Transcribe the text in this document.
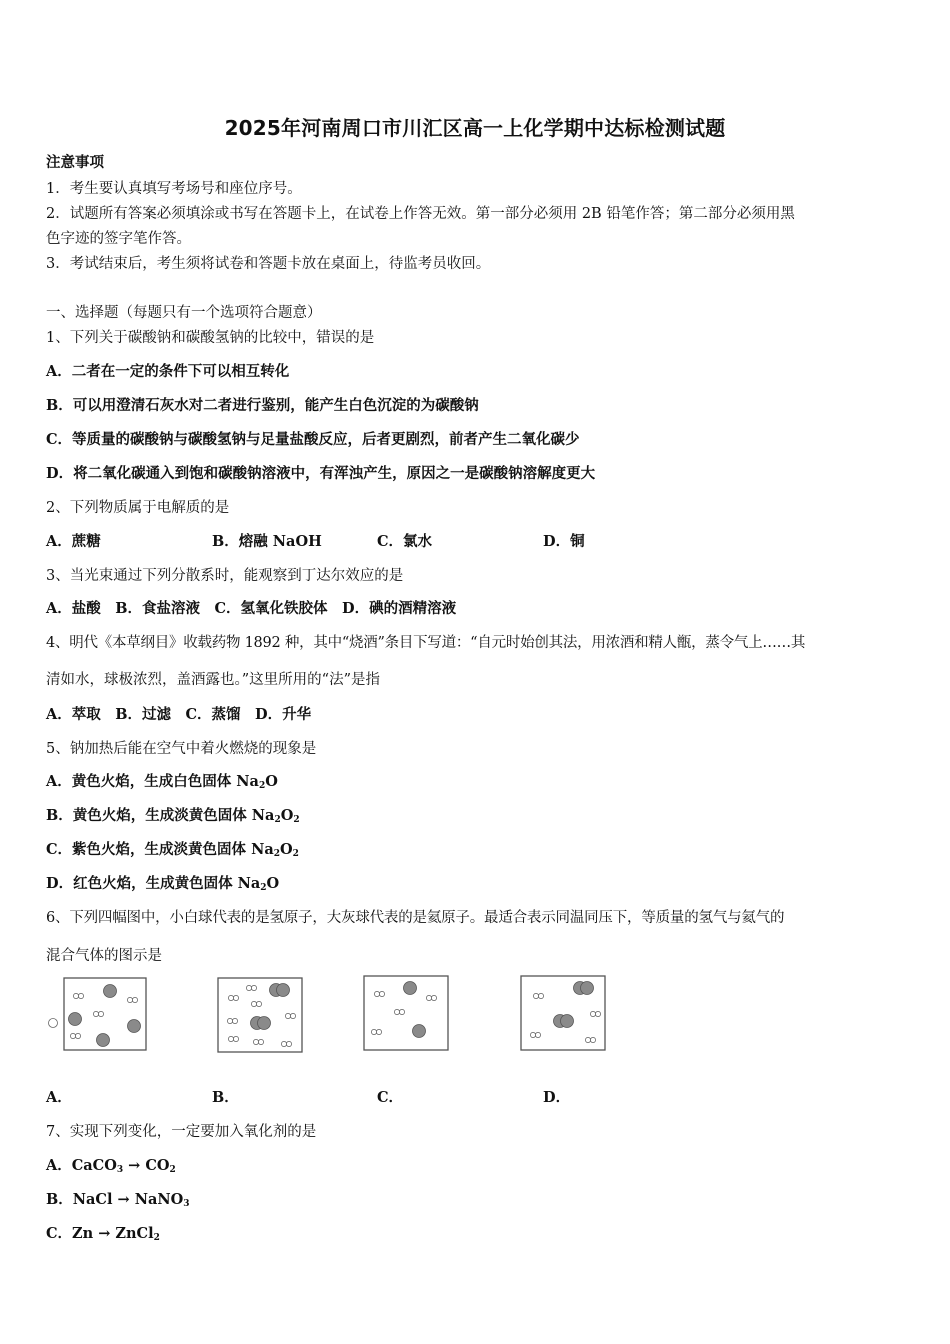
2025年河南周口市川汇区高一上化学期中达标检测试题
注意事项
1．考生要认真填写考场号和座位序号。
2．试题所有答案必须填涂或书写在答题卡上，在试卷上作答无效。第一部分必须用 2B 铅笔作答；第二部分必须用黑
色字迹的签字笔作答。
3．考试结束后，考生须将试卷和答题卡放在桌面上，待监考员收回。
一、选择题（每题只有一个选项符合题意）
1、下列关于碳酸钠和碳酸氢钠的比较中，错误的是
A．二者在一定的条件下可以相互转化
B．可以用澄清石灰水对二者进行鉴别，能产生白色沉淀的为碳酸钠
C．等质量的碳酸钠与碳酸氢钠与足量盐酸反应，后者更剧烈，前者产生二氧化碳少
D．将二氧化碳通入到饱和碳酸钠溶液中，有浑浊产生，原因之一是碳酸钠溶解度更大
2、下列物质属于电解质的是
A．蔗糖	B．熔融 NaOH	C．氯水	D．铜
3、当光束通过下列分散系时，能观察到丁达尔效应的是
A．盐酸　B．食盐溶液　C．氢氧化铁胶体　D．碘的酒精溶液
4、明代《本草纲目》收载药物 1892 种，其中“烧酒”条目下写道：“自元时始创其法，用浓酒和精人甑，蒸令气上……其
清如水，球极浓烈，盖酒露也。”这里所用的“法”是指
A．萃取　B．过滤　C．蒸馏　D．升华
5、钠加热后能在空气中着火燃烧的现象是
A．黄色火焰，生成白色固体 $Na_2O$
B．黄色火焰，生成淡黄色固体 $Na_2O_2$
C．紫色火焰，生成淡黄色固体 $Na_2O_2$
D．红色火焰，生成黄色固体 $Na_2O$
6、下列四幅图中，小白球代表的是氢原子，大灰球代表的是氦原子。最适合表示同温同压下，等质量的氢气与氦气的
混合气体的图示是
A．	B．	C．	D．
7、实现下列变化，一定要加入氧化剂的是
A．CaCO$_3$ → $CO_2$
B．NaCl → NaNO$_3$
C．Zn → ZnCl$_2$
